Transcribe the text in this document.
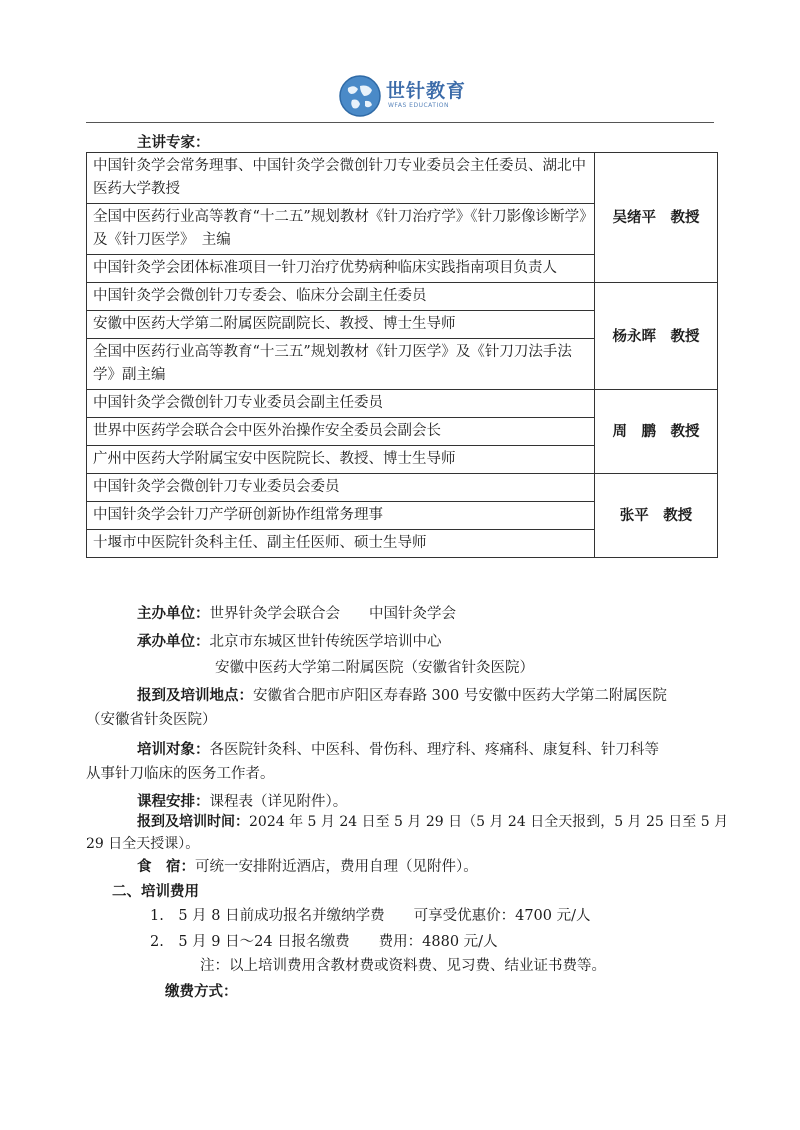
世针教育
WFAS EDUCATION
主讲专家：
中国针灸学会常务理事、中国针灸学会微创针刀专业委员会主任委员、湖北中医药大学教授	吴绪平　教授
全国中医药行业高等教育“十二五”规划教材《针刀治疗学》《针刀影像诊断学》及《针刀医学》　主编	
中国针灸学会团体标准项目一针刀治疗优势病种临床实践指南项目负责人	
中国针灸学会微创针刀专委会、临床分会副主任委员	杨永晖　教授
安徽中医药大学第二附属医院副院长、教授、博士生导师	
全国中医药行业高等教育“十三五”规划教材《针刀医学》及《针刀刀法手法学》副主编	
中国针灸学会微创针刀专业委员会副主任委员	周　鹏　教授
世界中医药学会联合会中医外治操作安全委员会副会长	
广州中医药大学附属宝安中医院院长、教授、博士生导师	
中国针灸学会微创针刀专业委员会委员	张平　教授
中国针灸学会针刀产学研创新协作组常务理事	
十堰市中医院针灸科主任、副主任医师、硕士生导师	
主办单位：世界针灸学会联合会　　中国针灸学会
承办单位：北京市东城区世针传统医学培训中心
安徽中医药大学第二附属医院（安徽省针灸医院）
报到及培训地点：安徽省合肥市庐阳区寿春路 300 号安徽中医药大学第二附属医院
（安徽省针灸医院）
培训对象：各医院针灸科、中医科、骨伤科、理疗科、疼痛科、康复科、针刀科等
从事针刀临床的医务工作者。
课程安排：课程表（详见附件）。
报到及培训时间：2024 年 5 月 24 日至 5 月 29 日（5 月 24 日全天报到，5 月 25 日至 5 月
29 日全天授课）。
食　宿：可统一安排附近酒店，费用自理（见附件）。
二、培训费用
1.　5 月 8 日前成功报名并缴纳学费　　可享受优惠价：4700 元/人
2.　5 月 9 日～24 日报名缴费　　费用：4880 元/人
注：以上培训费用含教材费或资料费、见习费、结业证书费等。
缴费方式：
